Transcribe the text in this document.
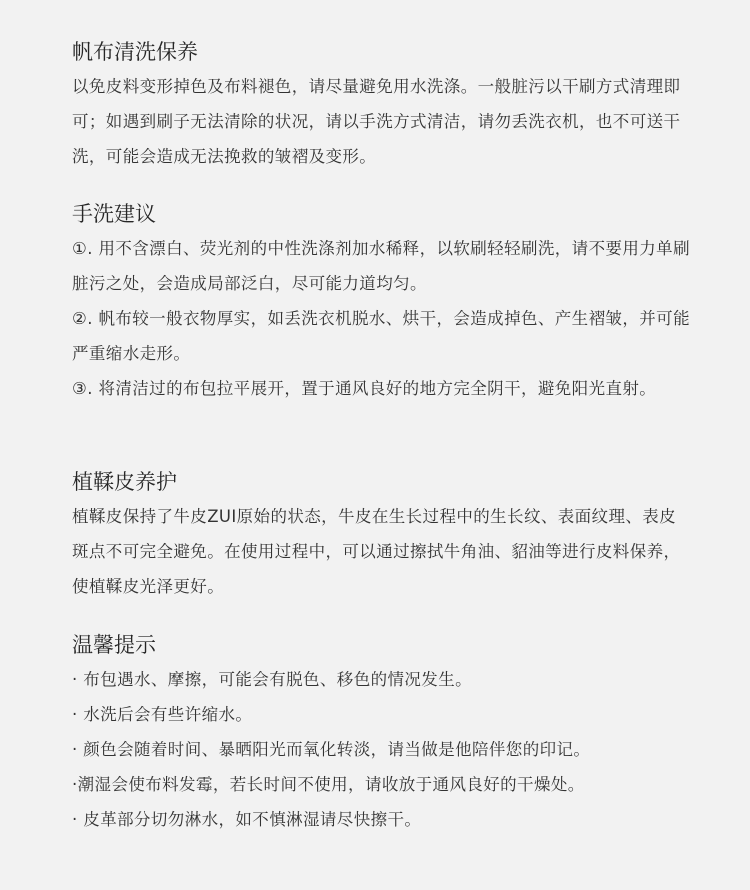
帆布清洗保养

以免皮料变形掉色及布料褪色，请尽量避免用水洗涤。一般脏污以干刷方式清理即可；如遇到刷子无法清除的状况，请以手洗方式清洁，请勿丢洗衣机，也不可送干洗，可能会造成无法挽救的皱褶及变形。

手洗建议
①. 用不含漂白、荧光剂的中性洗涤剂加水稀释，以软刷轻轻刷洗，请不要用力单刷脏污之处，会造成局部泛白，尽可能力道均匀。
②. 帆布较一般衣物厚实，如丢洗衣机脱水、烘干，会造成掉色、产生褶皱，并可能严重缩水走形。
③. 将清洁过的布包拉平展开，置于通风良好的地方完全阴干，避免阳光直射。
植鞣皮养护

植鞣皮保持了牛皮ZUI原始的状态，牛皮在生长过程中的生长纹、表面纹理、表皮斑点不可完全避免。在使用过程中，可以通过擦拭牛角油、貂油等进行皮料保养，使植鞣皮光泽更好。

温馨提示
· 布包遇水、摩擦，可能会有脱色、移色的情况发生。
· 水洗后会有些许缩水。
· 颜色会随着时间、暴晒阳光而氧化转淡，请当做是他陪伴您的印记。
·潮湿会使布料发霉，若长时间不使用，请收放于通风良好的干燥处。
· 皮革部分切勿淋水，如不慎淋湿请尽快擦干。
